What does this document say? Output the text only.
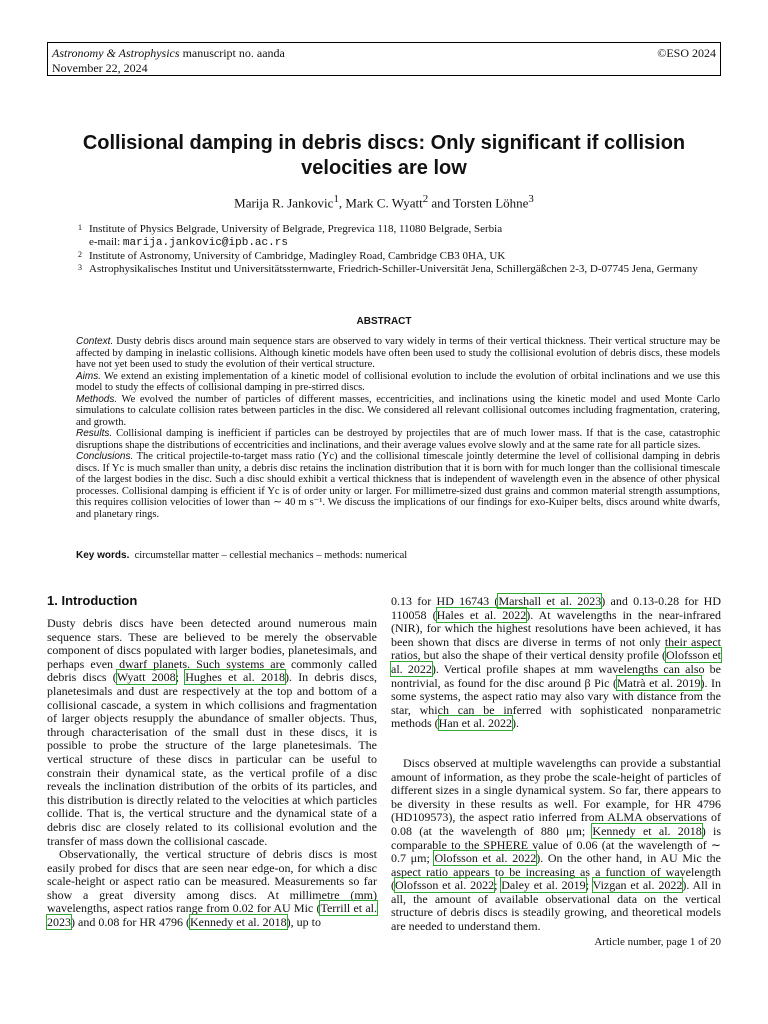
Astronomy & Astrophysics manuscript no. aanda
November 22, 2024
©ESO 2024
Collisional damping in debris discs: Only significant if collision velocities are low
Marija R. Jankovic$^1$, Mark C. Wyatt$^2$ and Torsten Löhne$^3$
1 Institute of Physics Belgrade, University of Belgrade, Pregrevica 118, 11080 Belgrade, Serbia
e-mail: marija.jankovic@ipb.ac.rs
2 Institute of Astronomy, University of Cambridge, Madingley Road, Cambridge CB3 0HA, UK
3 Astrophysikalisches Institut und Universitätssternwarte, Friedrich-Schiller-Universität Jena, Schillergäßchen 2-3, D-07745 Jena, Germany
ABSTRACT

Context. Dusty debris discs around main sequence stars are observed to vary widely in terms of their vertical thickness. Their vertical structure may be affected by damping in inelastic collisions. Although kinetic models have often been used to study the collisional evolution of debris discs, these models have not yet been used to study the evolution of their vertical structure.

Aims. We extend an existing implementation of a kinetic model of collisional evolution to include the evolution of orbital inclinations and we use this model to study the effects of collisional damping in pre-stirred discs.

Methods. We evolved the number of particles of different masses, eccentricities, and inclinations using the kinetic model and used Monte Carlo simulations to calculate collision rates between particles in the disc. We considered all relevant collisional outcomes including fragmentation, cratering, and growth.

Results. Collisional damping is inefficient if particles can be destroyed by projectiles that are of much lower mass. If that is the case, catastrophic disruptions shape the distributions of eccentricities and inclinations, and their average values evolve slowly and at the same rate for all particle sizes.

Conclusions. The critical projectile-to-target mass ratio (Yc) and the collisional timescale jointly determine the level of collisional damping in debris discs. If Yc is much smaller than unity, a debris disc retains the inclination distribution that it is born with for much longer than the collisional timescale of the largest bodies in the disc. Such a disc should exhibit a vertical thickness that is independent of wavelength even in the absence of other physical processes. Collisional damping is efficient if Yc is of order unity or larger. For millimetre-sized dust grains and common material strength assumptions, this requires collision velocities of lower than ∼ 40 m s⁻¹. We discuss the implications of our findings for exo-Kuiper belts, discs around white dwarfs, and planetary rings.

Key words. circumstellar matter – cellestial mechanics – methods: numerical
1. Introduction

Dusty debris discs have been detected around numerous main sequence stars. These are believed to be merely the observable component of discs populated with larger bodies, planetesimals, and perhaps even dwarf planets. Such systems are commonly called debris discs (Wyatt 2008; Hughes et al. 2018). In debris discs, planetesimals and dust are respectively at the top and bottom of a collisional cascade, a system in which collisions and fragmentation of larger objects resupply the abundance of smaller objects. Thus, through characterisation of the small dust in these discs, it is possible to probe the structure of the large planetesimals. The vertical structure of these discs in particular can be useful to constrain their dynamical state, as the vertical profile of a disc reveals the inclination distribution of the orbits of its particles, and this distribution is directly related to the velocities at which particles collide. That is, the vertical structure and the dynamical state of a debris disc are closely related to its collisional evolution and the transfer of mass down the collisional cascade.

Observationally, the vertical structure of debris discs is most easily probed for discs that are seen near edge-on, for which a disc scale-height or aspect ratio can be measured. Measurements so far show a great diversity among discs. At millimetre (mm) wavelengths, aspect ratios range from 0.02 for AU Mic (Terrill et al. 2023) and 0.08 for HR 4796 (Kennedy et al. 2018), up to

0.13 for HD 16743 (Marshall et al. 2023) and 0.13-0.28 for HD 110058 (Hales et al. 2022). At wavelengths in the near-infrared (NIR), for which the highest resolutions have been achieved, it has been shown that discs are diverse in terms of not only their aspect ratios, but also the shape of their vertical density profile (Olofsson et al. 2022). Vertical profile shapes at mm wavelengths can also be nontrivial, as found for the disc around β Pic (Matrà et al. 2019). In some systems, the aspect ratio may also vary with distance from the star, which can be inferred with sophisticated nonparametric methods (Han et al. 2022).

Discs observed at multiple wavelengths can provide a substantial amount of information, as they probe the scale-height of particles of different sizes in a single dynamical system. So far, there appears to be diversity in these results as well. For example, for HR 4796 (HD109573), the aspect ratio inferred from ALMA observations of 0.08 (at the wavelength of 880 μm; Kennedy et al. 2018) is comparable to the SPHERE value of 0.06 (at the wavelength of ∼ 0.7 μm; Olofsson et al. 2022). On the other hand, in AU Mic the aspect ratio appears to be increasing as a function of wavelength (Olofsson et al. 2022; Daley et al. 2019; Vizgan et al. 2022). All in all, the amount of available observational data on the vertical structure of debris discs is steadily growing, and theoretical models are needed to understand them.

Article number, page 1 of 20
